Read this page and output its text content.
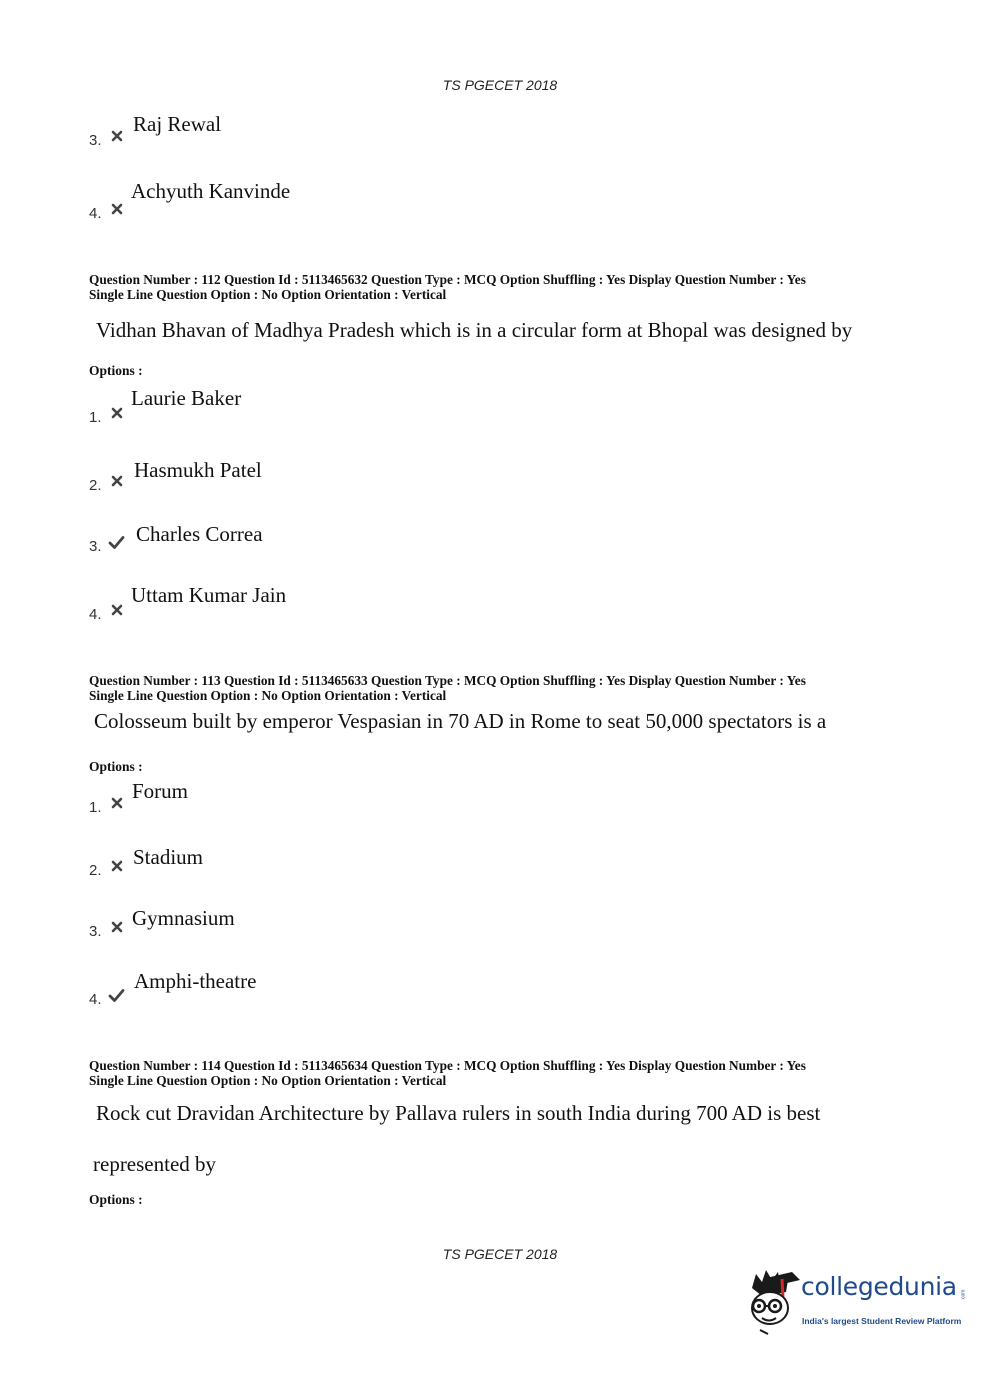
TS PGECET 2018
3.
Raj Rewal
4.
Achyuth Kanvinde
Question Number : 112 Question Id : 5113465632 Question Type : MCQ Option Shuffling : Yes Display Question Number : Yes
Single Line Question Option : No Option Orientation : Vertical
Vidhan Bhavan of Madhya Pradesh which is in a circular form at Bhopal was designed by
Options :
1.
Laurie Baker
2.
Hasmukh Patel
3.
Charles Correa
4.
Uttam Kumar Jain
Question Number : 113 Question Id : 5113465633 Question Type : MCQ Option Shuffling : Yes Display Question Number : Yes
Single Line Question Option : No Option Orientation : Vertical
Colosseum built by emperor Vespasian in 70 AD in Rome to seat 50,000 spectators is a
Options :
1.
Forum
2.
Stadium
3.
Gymnasium
4.
Amphi-theatre
Question Number : 114 Question Id : 5113465634 Question Type : MCQ Option Shuffling : Yes Display Question Number : Yes
Single Line Question Option : No Option Orientation : Vertical
Rock cut Dravidan Architecture by Pallava rulers in south India during 700 AD is best
represented by
Options :
TS PGECET 2018
collegedunia .com
India's largest Student Review Platform
